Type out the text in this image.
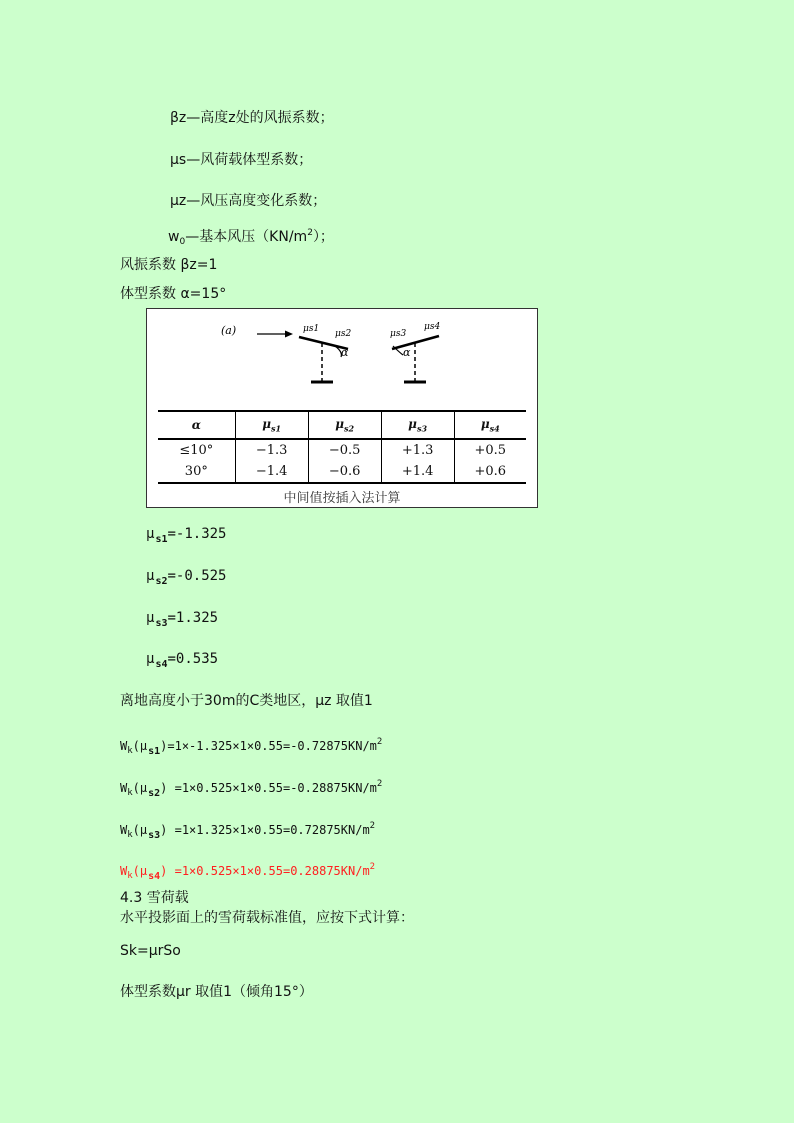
βz—高度z处的风振系数；
μs—风荷载体型系数；
μz—风压高度变化系数；
$w_0—$基本风压$(KN/m^2)$；
风振系数 βz=1
体型系数 α=15°
(a)	μs1 μs2
α
μs3
μs4
α
α	$\mu_{s1}$	$\mu_{s2}$	$\mu_{s3}$	$\mu_{s4}$
≤10°	−1.3	−0.5	+1.3	+0.5
30°	−1.4	−0.6	+1.4	+0.6
中间值按插入法计算
$\mu_{s1}=-1.325$
$\mu_{s2}=-0.525$
$\mu_{s3}=1.325$
$\mu_{s4}=0.535$
离地高度小于30m的C类地区，μz 取值1
$W_k(\mu_{s1})=1\times-1.325\times 1\times 0.55=-0.72875KN/m^2$
$W_k(\mu_{s2}) =1\times 0.525\times 1\times 0.55=-0.28875KN/m^2$
$W_k(\mu_{s3}) =1\times 1.325\times 1\times 0.55=0.72875KN/m^2$
$W_k(\mu_{s4}) =1\times 0.525\times 1\times 0.55=0.28875KN/m^2$
4.3 雪荷载
水平投影面上的雪荷载标准值，应按下式计算：
Sk=μrSo
体型系数μr 取值1（倾角15°）
